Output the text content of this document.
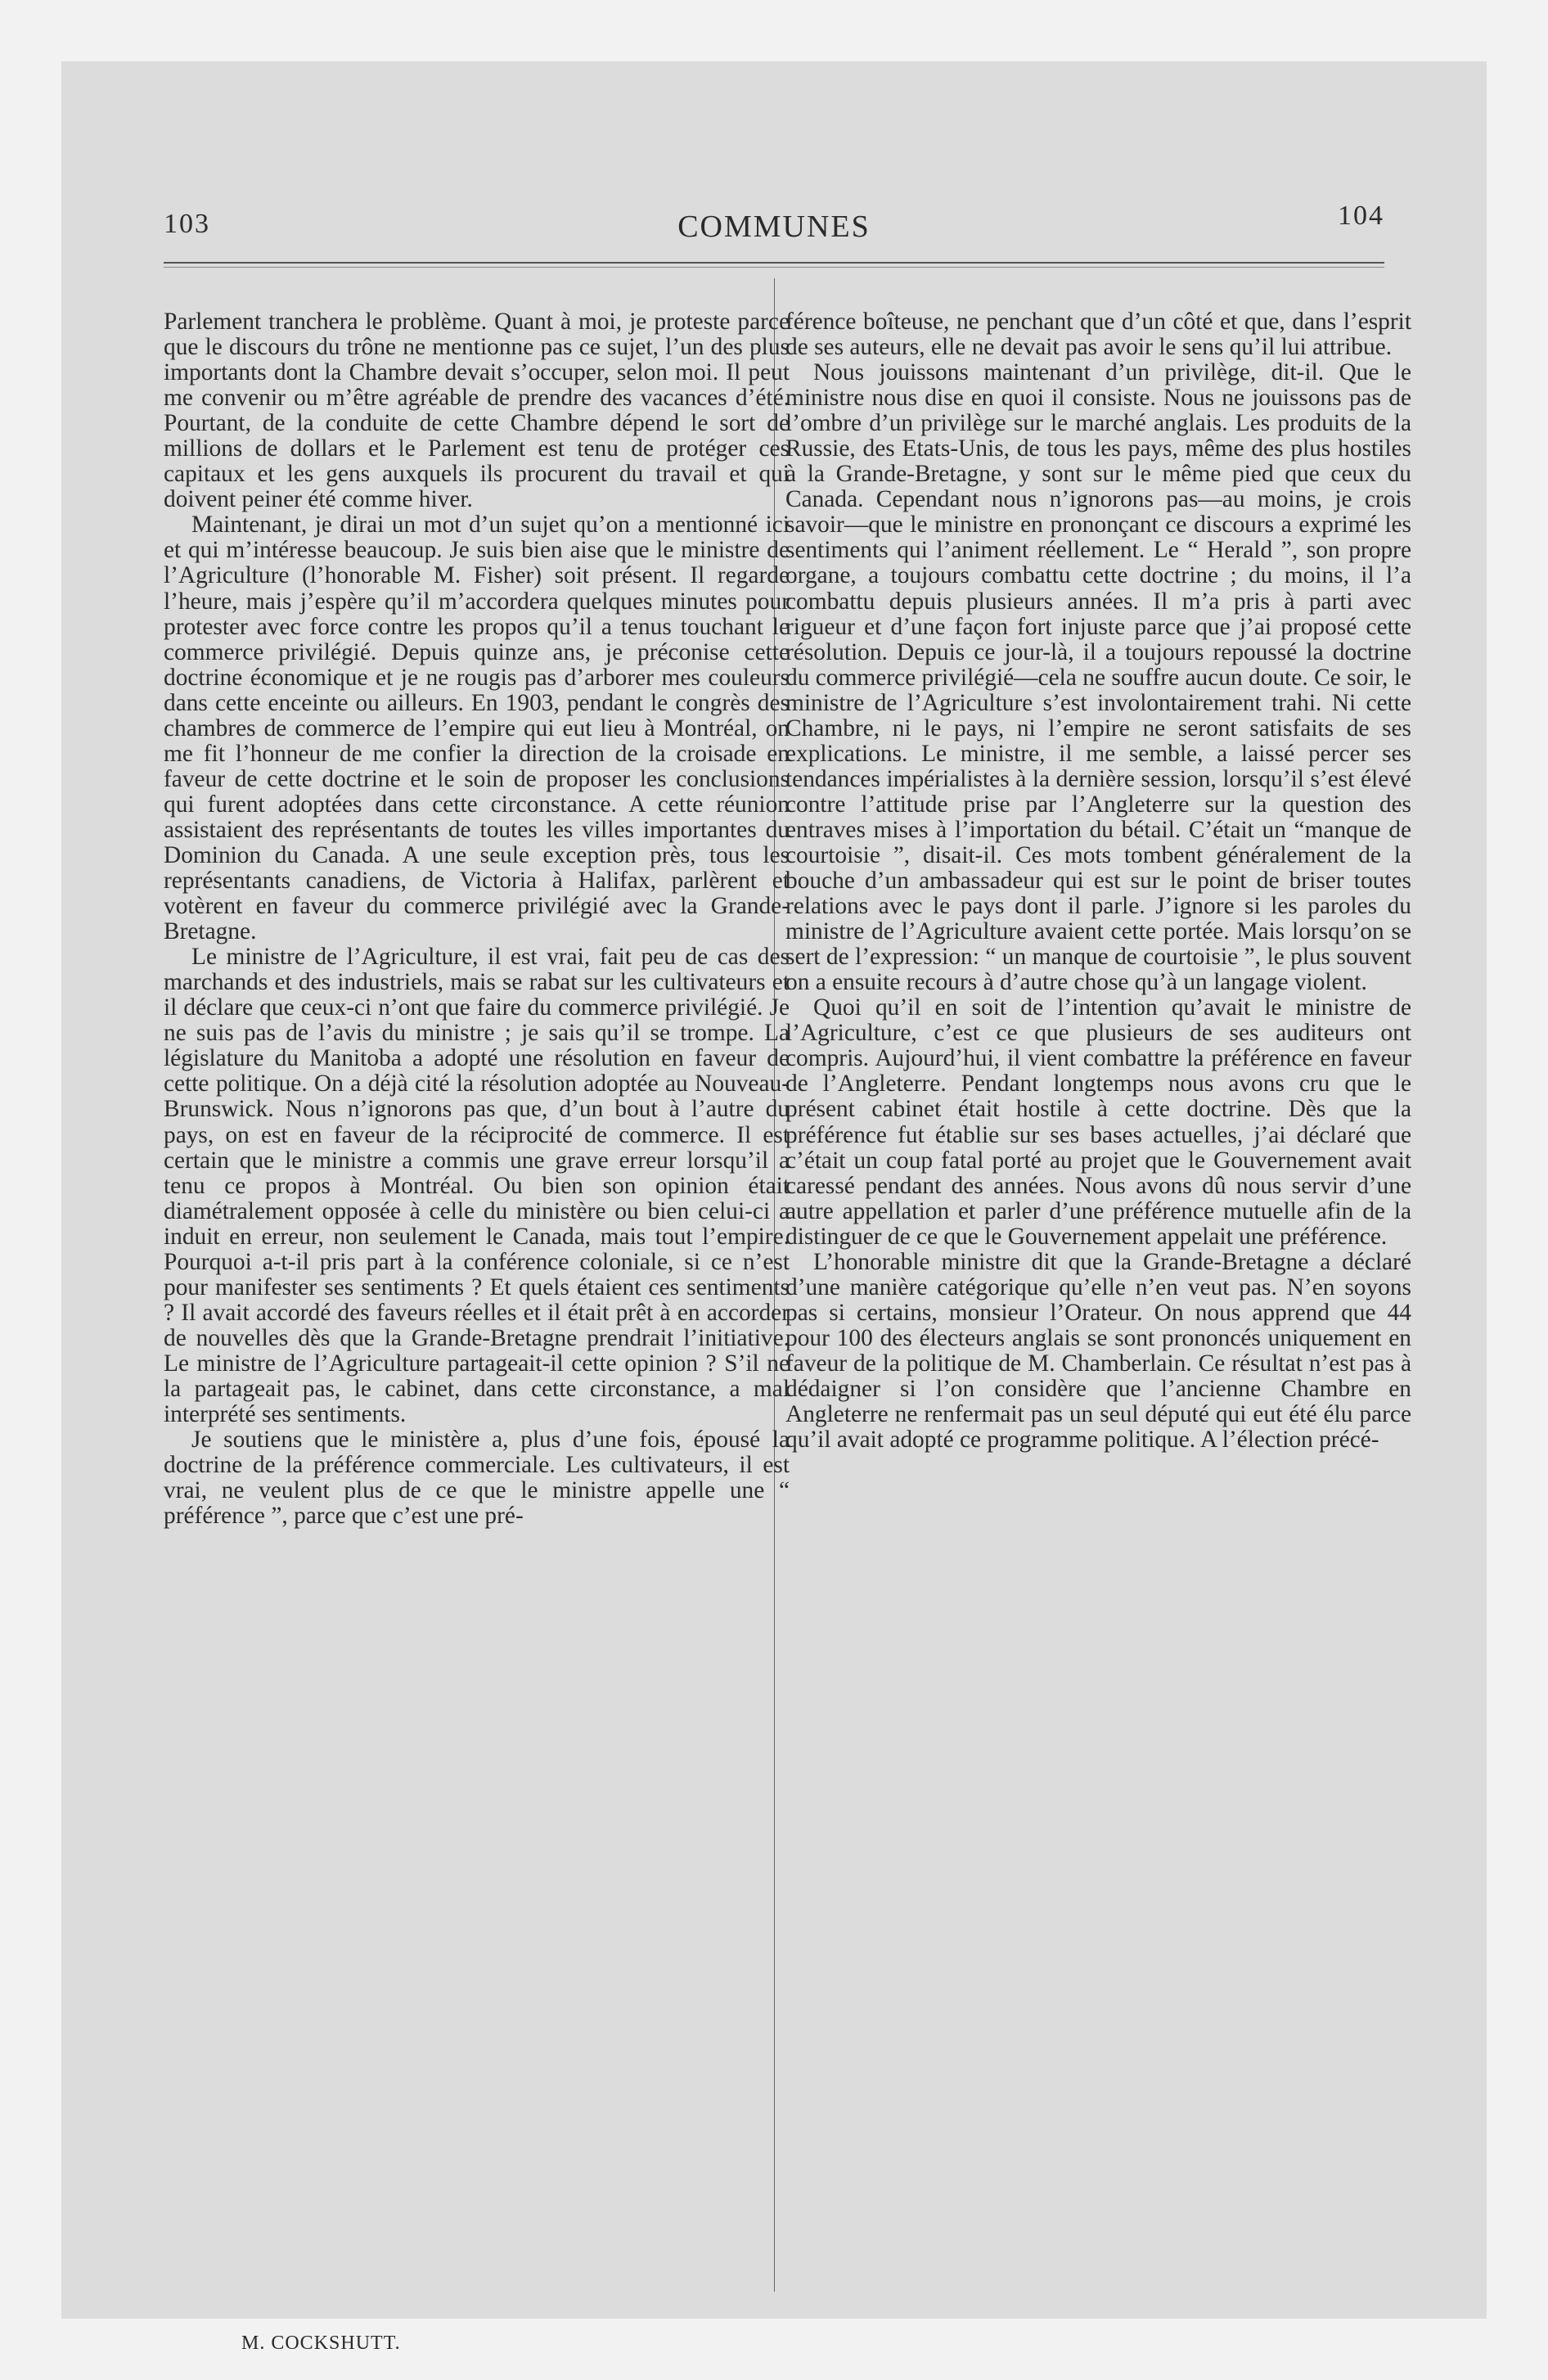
103	COMMUNES	104

Parlement tranchera le problème. Quant à moi, je proteste parce que le discours du trône ne mentionne pas ce sujet, l’un des plus importants dont la Chambre devait s’occuper, selon moi. Il peut me convenir ou m’être agréable de prendre des vacances d’été. Pourtant, de la conduite de cette Chambre dépend le sort de millions de dollars et le Parlement est tenu de protéger ces capitaux et les gens auxquels ils procurent du travail et qui doivent peiner été comme hiver.

Maintenant, je dirai un mot d’un sujet qu’on a mentionné ici et qui m’intéresse beaucoup. Je suis bien aise que le ministre de l’Agriculture (l’honorable M. Fisher) soit présent. Il regarde l’heure, mais j’espère qu’il m’accordera quelques minutes pour protester avec force contre les propos qu’il a tenus touchant le commerce privilégié. Depuis quinze ans, je préconise cette doctrine économique et je ne rougis pas d’arborer mes couleurs dans cette enceinte ou ailleurs. En 1903, pendant le congrès des chambres de commerce de l’empire qui eut lieu à Montréal, on me fit l’honneur de me confier la direction de la croisade en faveur de cette doctrine et le soin de proposer les conclusions qui furent adoptées dans cette circonstance. A cette réunion assistaient des représentants de toutes les villes importantes du Dominion du Canada. A une seule exception près, tous les représentants canadiens, de Victoria à Halifax, parlèrent et votèrent en faveur du commerce privilégié avec la Grande-Bretagne.

Le ministre de l’Agriculture, il est vrai, fait peu de cas des marchands et des industriels, mais se rabat sur les cultivateurs et il déclare que ceux-ci n’ont que faire du commerce privilégié. Je ne suis pas de l’avis du ministre ; je sais qu’il se trompe. La législature du Manitoba a adopté une résolution en faveur de cette politique. On a déjà cité la résolution adoptée au Nouveau-Brunswick. Nous n’ignorons pas que, d’un bout à l’autre du pays, on est en faveur de la réciprocité de commerce. Il est certain que le ministre a commis une grave erreur lorsqu’il a tenu ce propos à Montréal. Ou bien son opinion était diamétralement opposée à celle du ministère ou bien celui-ci a induit en erreur, non seulement le Canada, mais tout l’empire. Pourquoi a-t-il pris part à la conférence coloniale, si ce n’est pour manifester ses sentiments ? Et quels étaient ces sentiments ? Il avait accordé des faveurs réelles et il était prêt à en accorder de nouvelles dès que la Grande-Bretagne prendrait l’initiative. Le ministre de l’Agriculture partageait-il cette opinion ? S’il ne la partageait pas, le cabinet, dans cette circonstance, a mal interprété ses sentiments.

Je soutiens que le ministère a, plus d’une fois, épousé la doctrine de la préférence commerciale. Les cultivateurs, il est vrai, ne veulent plus de ce que le ministre appelle une “ préférence ”, parce que c’est une pré-

férence boîteuse, ne penchant que d’un côté et que, dans l’esprit de ses auteurs, elle ne devait pas avoir le sens qu’il lui attribue.

Nous jouissons maintenant d’un privilège, dit-il. Que le ministre nous dise en quoi il consiste. Nous ne jouissons pas de l’ombre d’un privilège sur le marché anglais. Les produits de la Russie, des Etats-Unis, de tous les pays, même des plus hostiles à la Grande-Bretagne, y sont sur le même pied que ceux du Canada. Cependant nous n’ignorons pas—au moins, je crois savoir—que le ministre en prononçant ce discours a exprimé les sentiments qui l’animent réellement. Le “ Herald ”, son propre organe, a toujours combattu cette doctrine ; du moins, il l’a combattu depuis plusieurs années. Il m’a pris à parti avec rigueur et d’une façon fort injuste parce que j’ai proposé cette résolution. Depuis ce jour-là, il a toujours repoussé la doctrine du commerce privilégié—cela ne souffre aucun doute. Ce soir, le ministre de l’Agriculture s’est involontairement trahi. Ni cette Chambre, ni le pays, ni l’empire ne seront satisfaits de ses explications. Le ministre, il me semble, a laissé percer ses tendances impérialistes à la dernière session, lorsqu’il s’est élevé contre l’attitude prise par l’Angleterre sur la question des entraves mises à l’importation du bétail. C’était un “manque de courtoisie ”, disait-il. Ces mots tombent généralement de la bouche d’un ambassadeur qui est sur le point de briser toutes relations avec le pays dont il parle. J’ignore si les paroles du ministre de l’Agriculture avaient cette portée. Mais lorsqu’on se sert de l’expression: “ un manque de courtoisie ”, le plus souvent on a ensuite recours à d’autre chose qu’à un langage violent.

Quoi qu’il en soit de l’intention qu’avait le ministre de l’Agriculture, c’est ce que plusieurs de ses auditeurs ont compris. Aujourd’hui, il vient combattre la préférence en faveur de l’Angleterre. Pendant longtemps nous avons cru que le présent cabinet était hostile à cette doctrine. Dès que la préférence fut établie sur ses bases actuelles, j’ai déclaré que c’était un coup fatal porté au projet que le Gouvernement avait caressé pendant des années. Nous avons dû nous servir d’une autre appellation et parler d’une préférence mutuelle afin de la distinguer de ce que le Gouvernement appelait une préférence.

L’honorable ministre dit que la Grande-Bretagne a déclaré d’une manière catégorique qu’elle n’en veut pas. N’en soyons pas si certains, monsieur l’Orateur. On nous apprend que 44 pour 100 des électeurs anglais se sont prononcés uniquement en faveur de la politique de M. Chamberlain. Ce résultat n’est pas à dédaigner si l’on considère que l’ancienne Chambre en Angleterre ne renfermait pas un seul député qui eut été élu parce qu’il avait adopté ce programme politique. A l’élection précé-

M. COCKSHUTT.
